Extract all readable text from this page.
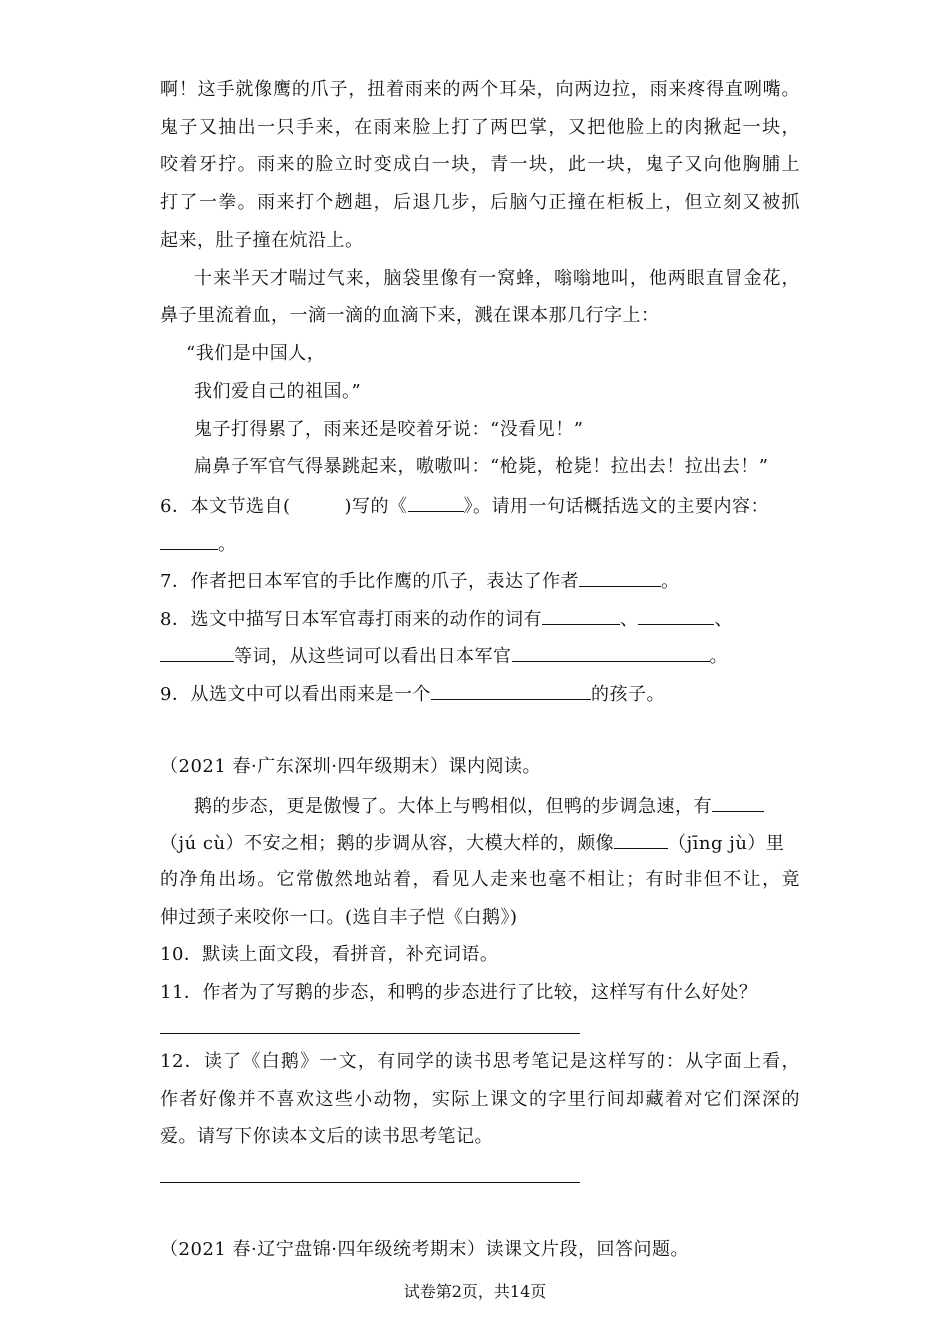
啊！这手就像鹰的爪子，扭着雨来的两个耳朵，向两边拉，雨来疼得直咧嘴。
鬼子又抽出一只手来，在雨来脸上打了两巴掌，又把他脸上的肉揪起一块，
咬着牙拧。雨来的脸立时变成白一块，青一块，此一块，鬼子又向他胸脯上
打了一拳。雨来打个趔趄，后退几步，后脑勺正撞在柜板上，但立刻又被抓
起来，肚子撞在炕沿上。
十来半天才喘过气来，脑袋里像有一窝蜂，嗡嗡地叫，他两眼直冒金花，
鼻子里流着血，一滴一滴的血滴下来，溅在课本那几行字上：
“我们是中国人，
我们爱自己的祖国。”
鬼子打得累了，雨来还是咬着牙说：“没看见！”
扁鼻子军官气得暴跳起来，嗷嗷叫：“枪毙，枪毙！拉出去！拉出去！”
6．本文节选自(	)写的《	》。请用一句话概括选文的主要内容：
。
7．作者把日本军官的手比作鹰的爪子，表达了作者	。
8．选文中描写日本军官毒打雨来的动作的词有	、	、
等词，从这些词可以看出日本军官	。
9．从选文中可以看出雨来是一个	的孩子。
（2021 春·广东深圳·四年级期末）课内阅读。
鹅的步态，更是傲慢了。大体上与鸭相似，但鸭的步调急速，有
（jú cù）不安之相；鹅的步调从容，大模大样的，颇像	（jīng jù）里
的净角出场。它常傲然地站着，看见人走来也毫不相让；有时非但不让，竟
伸过颈子来咬你一口。(选自丰子恺《白鹅》)
10．默读上面文段，看拼音，补充词语。
11．作者为了写鹅的步态，和鸭的步态进行了比较，这样写有什么好处？
12．读了《白鹅》一文，有同学的读书思考笔记是这样写的：从字面上看，
作者好像并不喜欢这些小动物，实际上课文的字里行间却藏着对它们深深的
爱。请写下你读本文后的读书思考笔记。
（2021 春·辽宁盘锦·四年级统考期末）读课文片段，回答问题。
试卷第2页，共14页
